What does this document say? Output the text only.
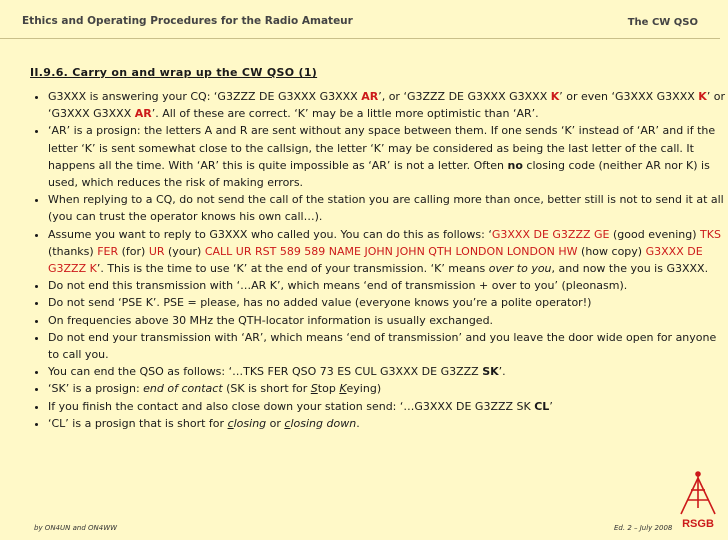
Ethics and Operating Procedures for the Radio Amateur	The CW QSO
II.9.6. Carry on and wrap up the CW QSO (1)
• G3XXX is answering your CQ: ‘G3ZZZ DE G3XXX G3XXX AR’, or ‘G3ZZZ DE G3XXX G3XXX K’ or even ‘G3XXX G3XXX K’ or ‘G3XXX G3XXX AR’. All of these are correct. ‘K’ may be a little more optimistic than ‘AR’.
• ‘AR’ is a prosign: the letters A and R are sent without any space between them. If one sends ‘K’ instead of ‘AR’ and if the letter ‘K’ is sent somewhat close to the callsign, the letter ‘K’ may be considered as being the last letter of the call. It happens all the time. With ‘AR’ this is quite impossible as ‘AR’ is not a letter. Often no closing code (neither AR nor K) is used, which reduces the risk of making errors.
• When replying to a CQ, do not send the call of the station you are calling more than once, better still is not to send it at all (you can trust the operator knows his own call…).
• Assume you want to reply to G3XXX who called you. You can do this as follows: ‘G3XXX DE G3ZZZ GE (good evening) TKS (thanks) FER (for) UR (your) CALL UR RST 589 589 NAME JOHN JOHN QTH LONDON LONDON HW (how copy) G3XXX DE G3ZZZ K’. This is the time to use ‘K’ at the end of your transmission. ‘K’ means over to you, and now the you is G3XXX.
• Do not end this transmission with ‘…AR K’, which means ‘end of transmission + over to you’ (pleonasm).
• Do not send ‘PSE K’. PSE = please, has no added value (everyone knows you’re a polite operator!)
• On frequencies above 30 MHz the QTH-locator information is usually exchanged.
• Do not end your transmission with ‘AR’, which means ‘end of transmission’ and you leave the door wide open for anyone to call you.
• You can end the QSO as follows: ‘…TKS FER QSO 73 ES CUL G3XXX DE G3ZZZ SK’.
• ‘SK’ is a prosign: end of contact (SK is short for Stop Keying)
• If you finish the contact and also close down your station send: ‘…G3XXX DE G3ZZZ SK CL’
• ‘CL’ is a prosign that is short for closing or closing down.
by ON4UN and ON4WW	Ed. 2 – July 2008 RSGB
